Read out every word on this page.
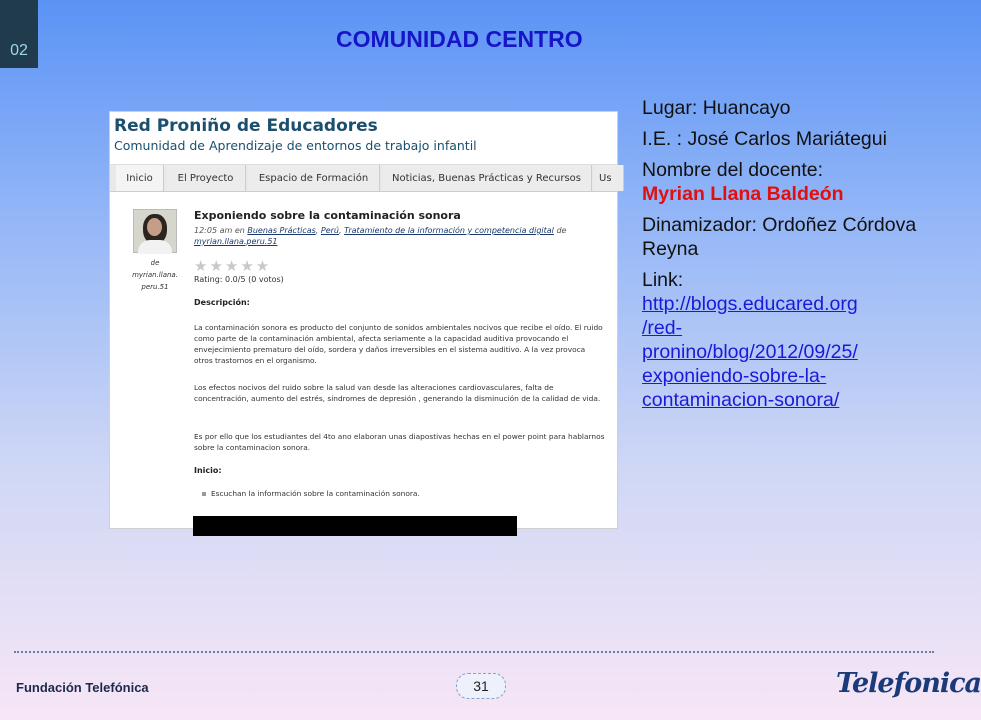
02	COMUNIDAD CENTRO
Red Proniño de Educadores
Comunidad de Aprendizaje de entornos de trabajo infantil
Inicio	El Proyecto	Espacio de Formación	Noticias, Buenas Prácticas y Recursos	Us
de
myrian.llana.peru.51
Exponiendo sobre la contaminación sonora
12:05 am en Buenas Prácticas, Perú, Tratamiento de la información y competencia digital de
myrian.llana.peru.51
★★★★★
Rating: 0.0/5 (0 votos)
Descripción:
La contaminación sonora es producto del conjunto de sonidos ambientales nocivos que recibe el oído. El ruido como parte de la contaminación ambiental, afecta seriamente a la capacidad auditiva provocando el envejecimiento prematuro del oído, sordera y daños irreversibles en el sistema auditivo. A la vez provoca otros trastornos en el organismo.
Los efectos nocivos del ruido sobre la salud van desde las alteraciones cardiovasculares, falta de concentración, aumento del estrés, síndromes de depresión , generando la disminución de la calidad de vida.
Es por ello que los estudiantes del 4to ano elaboran unas diapostivas hechas en el power point para hablarnos sobre la contaminacion sonora.
Inicio:
Escuchan la información sobre la contaminación sonora.
Lugar: Huancayo
I.E. : José Carlos Mariátegui
Nombre del docente:
Myrian Llana Baldeón
Dinamizador: Ordoñez Córdova Reyna
Link:
http://blogs.educared.org
/red-
pronino/blog/2012/09/25/
exponiendo-sobre-la-
contaminacion-sonora/
Fundación Telefónica	31	Telefonica
